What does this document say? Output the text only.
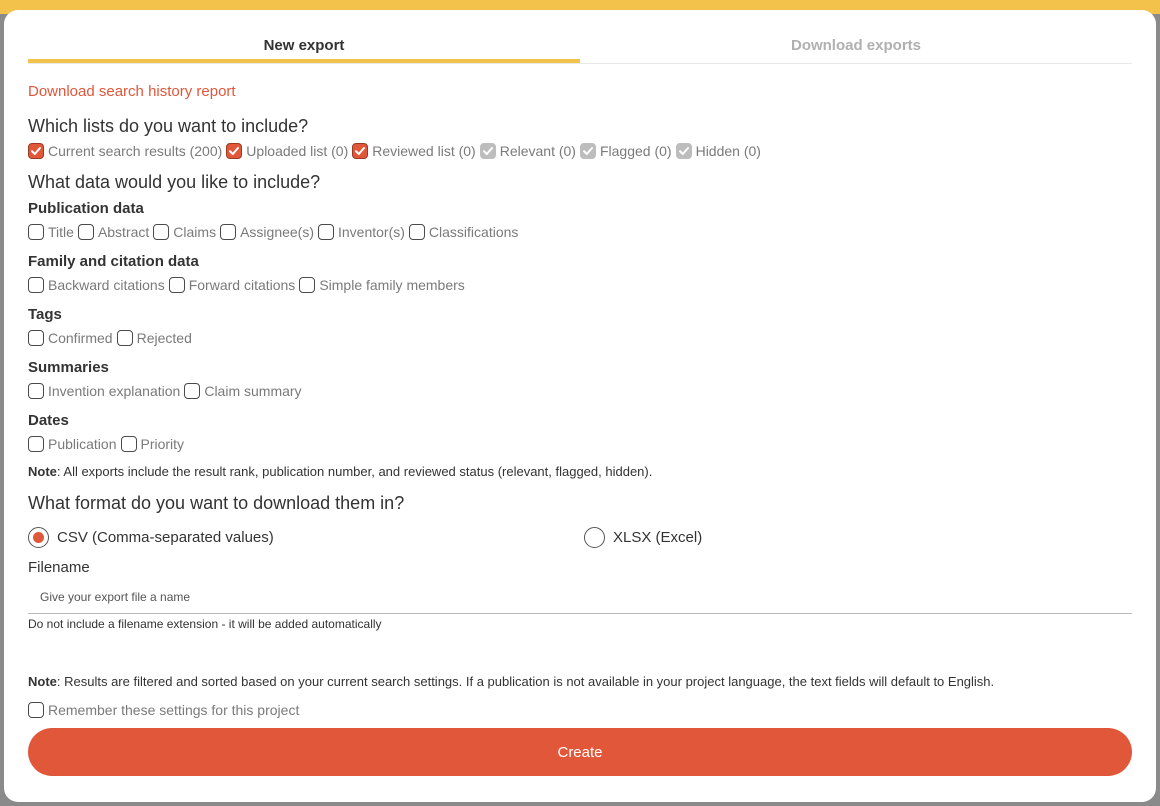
New export	Download exports
Download search history report
Which lists do you want to include?
Current search results (200) Uploaded list (0) Reviewed list (0) Relevant (0) Flagged (0) Hidden (0)
What data would you like to include?
Publication data
Title Abstract Claims Assignee(s) Inventor(s) Classifications
Family and citation data
Backward citations Forward citations Simple family members
Tags
Confirmed Rejected
Summaries
Invention explanation Claim summary
Dates
Publication Priority
Note: All exports include the result rank, publication number, and reviewed status (relevant, flagged, hidden).
What format do you want to download them in?
CSV (Comma-separated values)	XLSX (Excel)
Filename
Give your export file a name
Do not include a filename extension - it will be added automatically
Note: Results are filtered and sorted based on your current search settings. If a publication is not available in your project language, the text fields will default to English.
Remember these settings for this project
Create
